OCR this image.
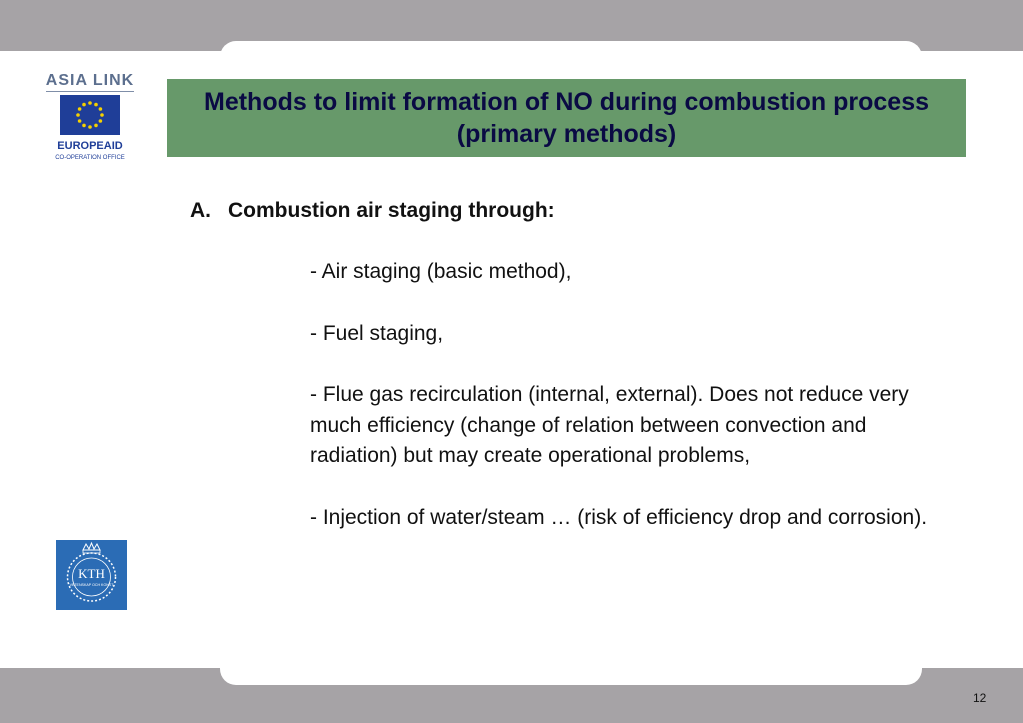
ASIA LINK
EUROPEAID
CO-OPERATION OFFICE
Methods to limit formation of NO during combustion process (primary methods)

A. Combustion air staging through:

- Air staging (basic method),
- Fuel staging,
- Flue gas recirculation (internal, external). Does not reduce very much efficiency (change of relation between convection and radiation) but may create operational problems,
- Injection of water/steam … (risk of efficiency drop and corrosion).
KTH
VETENSKAP OCH KONST
12
